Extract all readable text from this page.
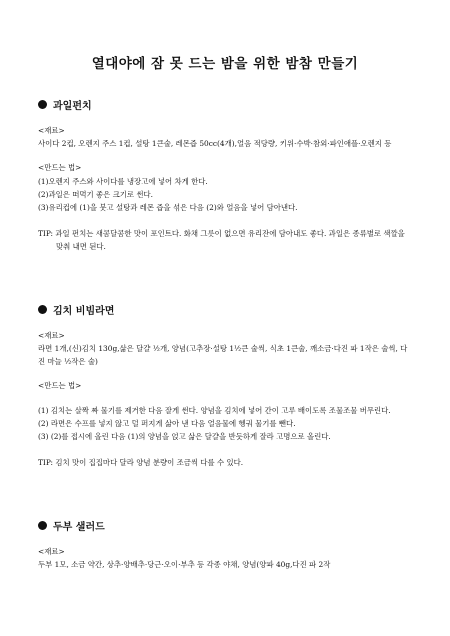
열대야에 잠 못 드는 밤을 위한 밤참 만들기
과일펀치
<재료>
사이다 2컵, 오렌지 주스 1컵, 설탕 1큰술, 레몬즙 50cc(4개),얼음 적당량, 키위·수박·참외·파인애플·오렌지 등
<만드는 법>
(1)오렌지 주스와 사이다를 냉장고에 넣어 차게 한다.
(2)과일은 떠먹기 좋은 크기로 썬다.
(3)유리컵에 (1)을 붓고 설탕과 레몬 즙을 섞은 다음 (2)와 얼음을 넣어 담아낸다.
TIP: 과일 펀치는 새콤달콤한 맛이 포인트다. 화채 그릇이 없으면 유리잔에 담아내도 좋다. 과일은 종류별로 색깔을 맞춰 내면 된다.
김치 비빔라면
<재료>
라면 1개,(신)김치 130g,삶은 달걀 ½개, 양념(고추장·설탕 1½큰 술씩, 식초 1큰술, 깨소금·다진 파 1작은 술씩, 다진 마늘 ½작은 술)
<만드는 법>
(1) 김치는 살짝 짜 물기를 제거한 다음 잘게 썬다. 양념을 김치에 넣어 간이 고루 배이도록 조물조물 버무린다.
(2) 라면은 수프를 넣지 않고 덜 퍼지게 삶아 낸 다음 얼음물에 헹궈 물기를 뺀다.
(3) (2)를 접시에 올린 다음 (1)의 양념을 얹고 삶은 달걀을 반듯하게 잘라 고명으로 올린다.
TIP: 김치 맛이 집집마다 달라 양념 분량이 조금씩 다를 수 있다.
두부 샐러드
<재료>
두부 1모, 소금 약간, 상추·양배추·당근·오이·부추 등 각종 야채, 양념(양파 40g,다진 파 2작
